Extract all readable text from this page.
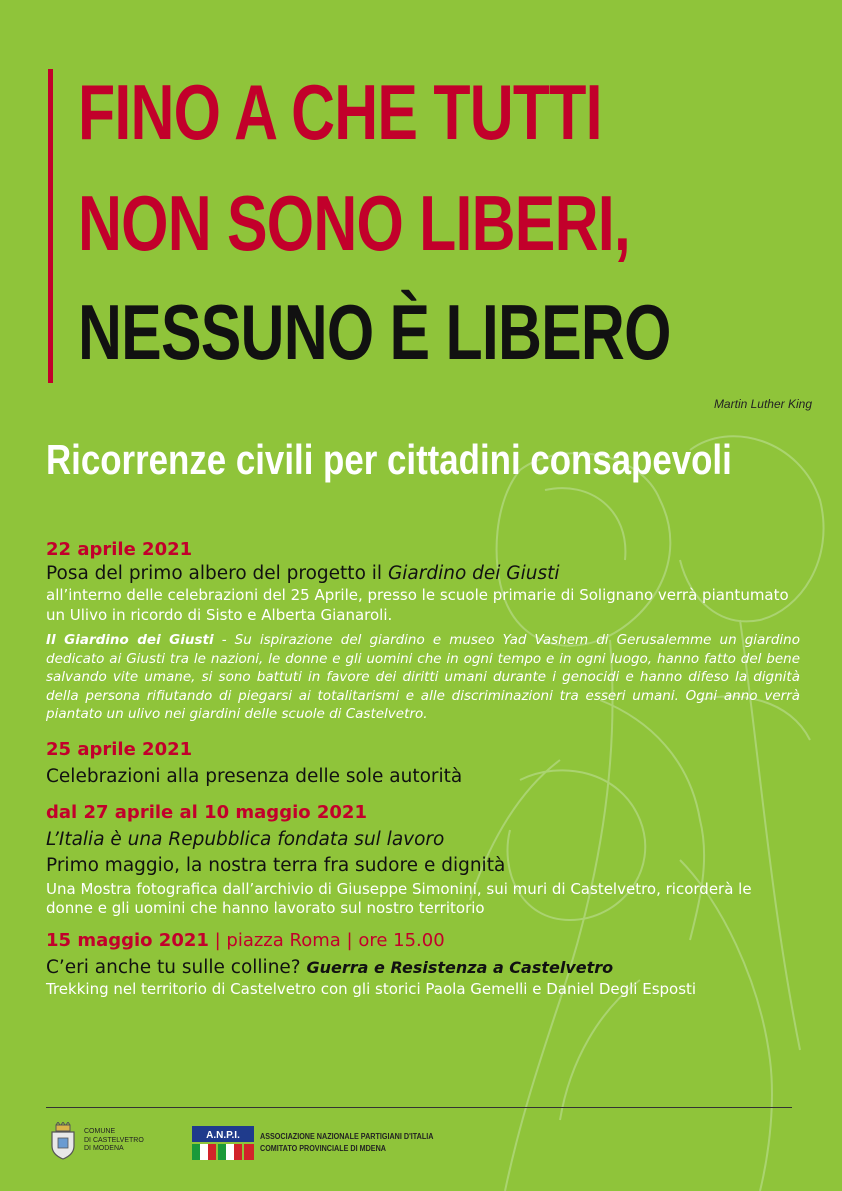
FINO A CHE TUTTI
NON SONO LIBERI,
NESSUNO È LIBERO
Martin Luther King
Ricorrenze civili per cittadini consapevoli
22 aprile 2021
Posa del primo albero del progetto il Giardino dei Giusti
all’interno delle celebrazioni del 25 Aprile, presso le scuole primarie di Solignano verrà piantumato un Ulivo in ricordo di Sisto e Alberta Gianaroli.
Il Giardino dei Giusti - Su ispirazione del giardino e museo Yad Vashem di Gerusalemme un giardino dedicato ai Giusti tra le nazioni, le donne e gli uomini che in ogni tempo e in ogni luogo, hanno fatto del bene salvando vite umane, si sono battuti in favore dei diritti umani durante i genocidi e hanno difeso la dignità della persona rifiutando di piegarsi ai totalitarismi e alle discriminazioni tra esseri umani. Ogni anno verrà piantato un ulivo nei giardini delle scuole di Castelvetro.
25 aprile 2021
Celebrazioni alla presenza delle sole autorità
dal 27 aprile al 10 maggio 2021
L’Italia è una Repubblica fondata sul lavoro
Primo maggio, la nostra terra fra sudore e dignità
Una Mostra fotografica dall’archivio di Giuseppe Simonini, sui muri di Castelvetro, ricorderà le donne e gli uomini che hanno lavorato sul nostro territorio
15 maggio 2021 | piazza Roma | ore 15.00
C’eri anche tu sulle colline? Guerra e Resistenza a Castelvetro
Trekking nel territorio di Castelvetro con gli storici Paola Gemelli e Daniel Degli Esposti
COMUNE
DI CASTELVETRO
DI MODENA
A.N.P.I.	ASSOCIAZIONE NAZIONALE PARTIGIANI D'ITALIA
COMITATO PROVINCIALE DI MDENA
